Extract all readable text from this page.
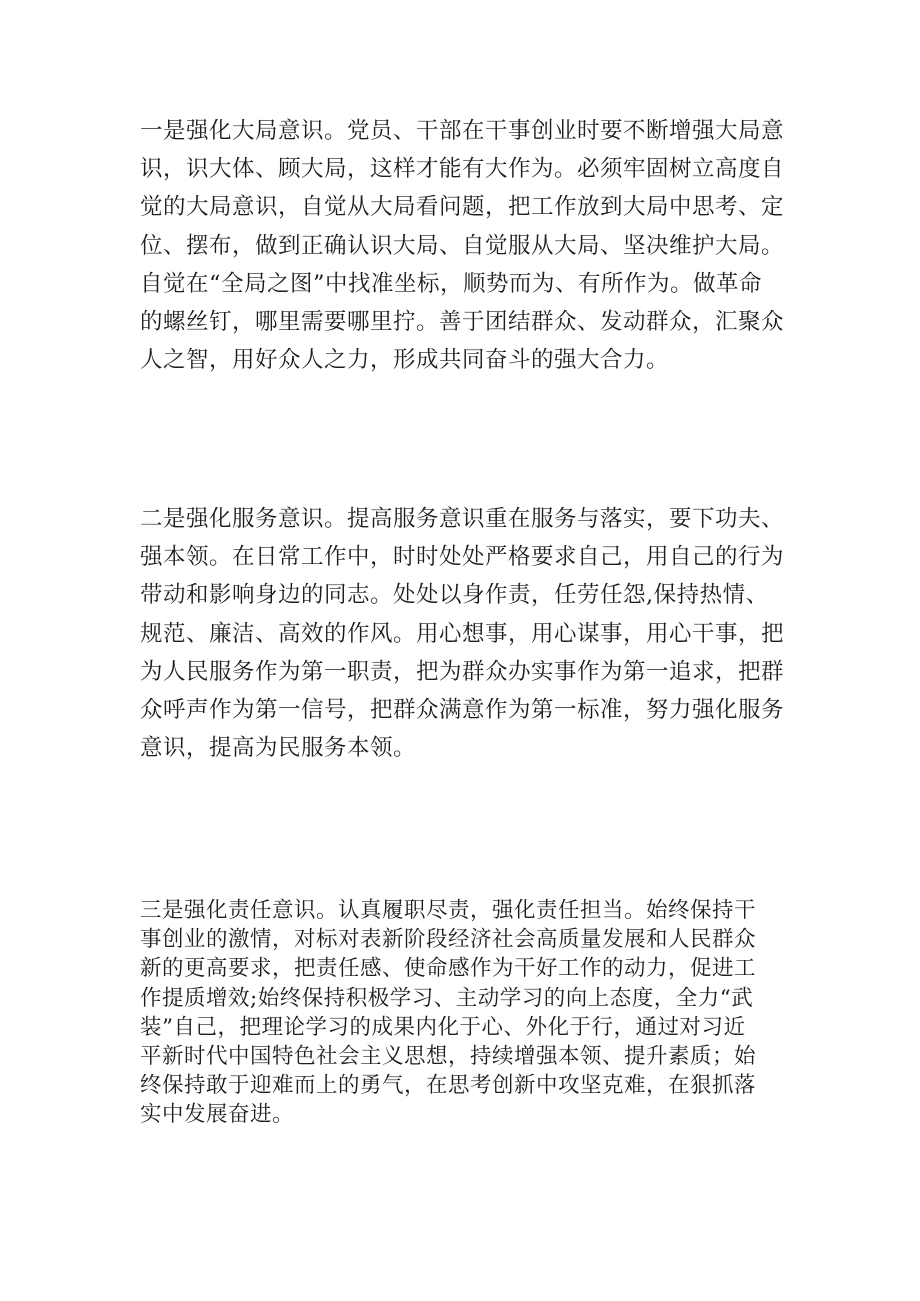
一是强化大局意识。党员、干部在干事创业时要不断增强大局意
识，识大体、顾大局，这样才能有大作为。必须牢固树立高度自
觉的大局意识，自觉从大局看问题，把工作放到大局中思考、定
位、摆布，做到正确认识大局、自觉服从大局、坚决维护大局。
自觉在“全局之图”中找准坐标，顺势而为、有所作为。做革命
的螺丝钉，哪里需要哪里拧。善于团结群众、发动群众，汇聚众
人之智，用好众人之力，形成共同奋斗的强大合力。

二是强化服务意识。提高服务意识重在服务与落实，要下功夫、
强本领。在日常工作中，时时处处严格要求自己，用自己的行为
带动和影响身边的同志。处处以身作责，任劳任怨,保持热情、
规范、廉洁、高效的作风。用心想事，用心谋事，用心干事，把
为人民服务作为第一职责，把为群众办实事作为第一追求，把群
众呼声作为第一信号，把群众满意作为第一标准，努力强化服务
意识，提高为民服务本领。

三是强化责任意识。认真履职尽责，强化责任担当。始终保持干
事创业的激情，对标对表新阶段经济社会高质量发展和人民群众
新的更高要求，把责任感、使命感作为干好工作的动力，促进工
作提质增效;始终保持积极学习、主动学习的向上态度，全力“武
装”自己，把理论学习的成果内化于心、外化于行，通过对习近
平新时代中国特色社会主义思想，持续增强本领、提升素质；始
终保持敢于迎难而上的勇气，在思考创新中攻坚克难，在狠抓落
实中发展奋进。
